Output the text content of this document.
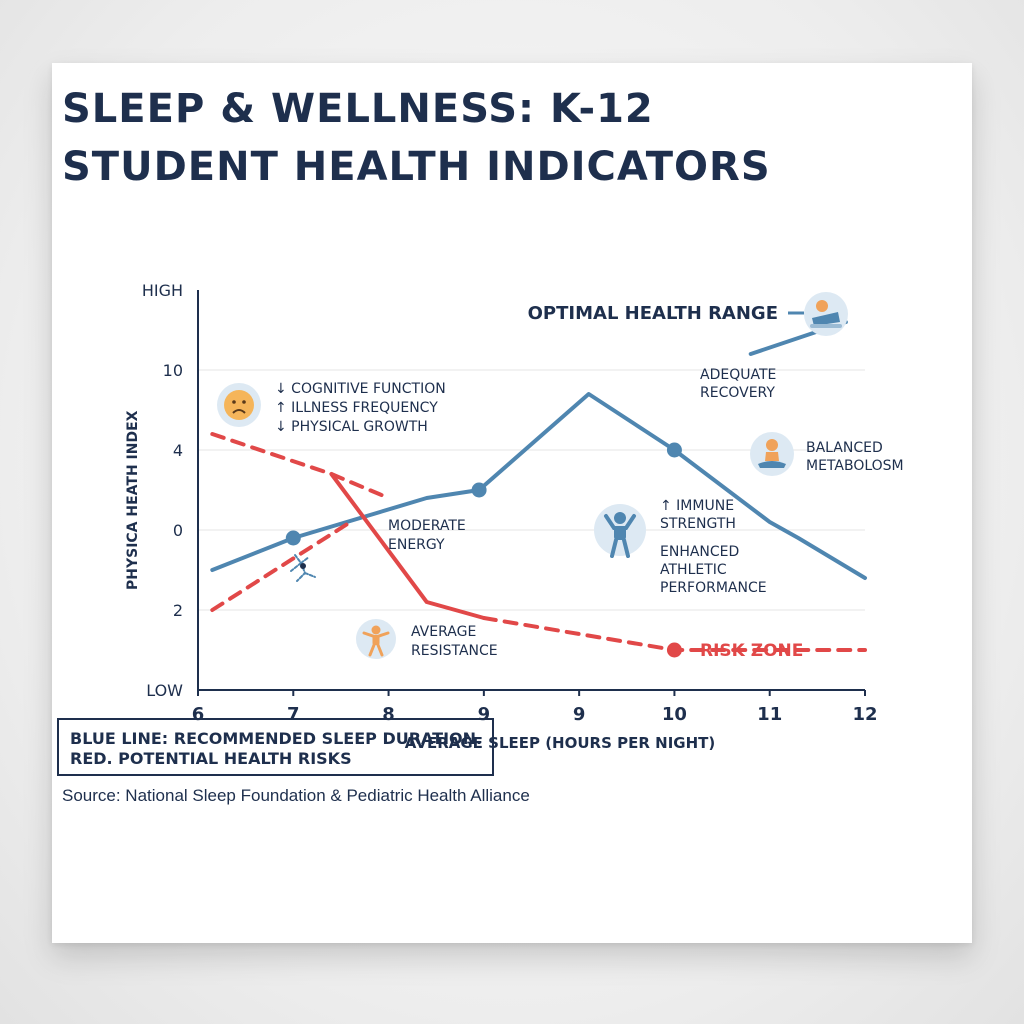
SLEEP & WELLNESS: K-12
STUDENT HEALTH INDICATORS
HIGH
10
4
0
2
LOW
6	7	8	9	9	10	11	12
PHYSICA HEATH INDEX
AVERAGE SLEEP (HOURS PER NIGHT)
OPTIMAL HEALTH RANGE
↓ COGNITIVE FUNCTION
↑ ILLNESS FREQUENCY
↓ PHYSICAL GROWTH
ADEQUATE
RECOVERY
BALANCED
METABOLOSM
MODERATE
ENERGY
↑ IMMUNE
STRENGTH
ENHANCED
ATHLETIC
PERFORMANCE
AVERAGE
RESISTANCE	RISK ZONE
BLUE LINE: RECOMMENDED SLEEP DURATION.
RED. POTENTIAL HEALTH RISKS
Source: National Sleep Foundation & Pediatric Health Alliance
